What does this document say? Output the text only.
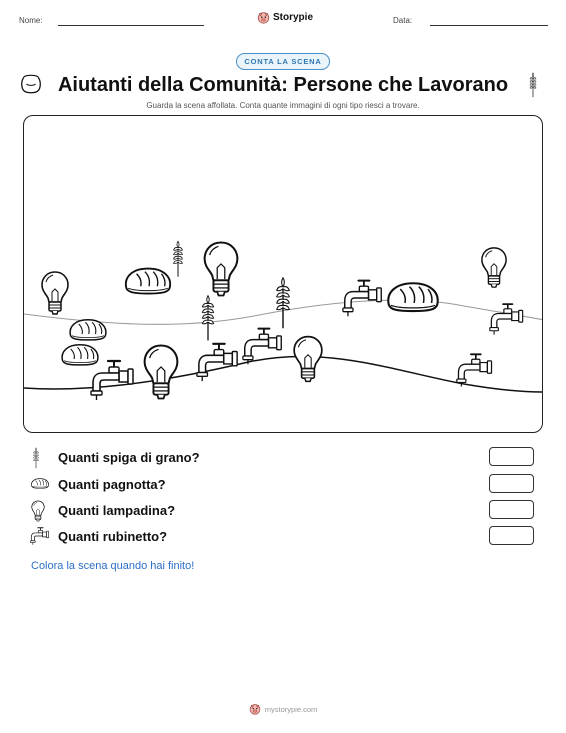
Nome:	Storypie	Data:
CONTA LA SCENA
Aiutanti della Comunità: Persone che Lavorano
Guarda la scena affollata. Conta quante immagini di ogni tipo riesci a trovare.
Quanti spiga di grano?
Quanti pagnotta?
Quanti lampadina?
Quanti rubinetto?
Colora la scena quando hai finito!
mystorypie.com
